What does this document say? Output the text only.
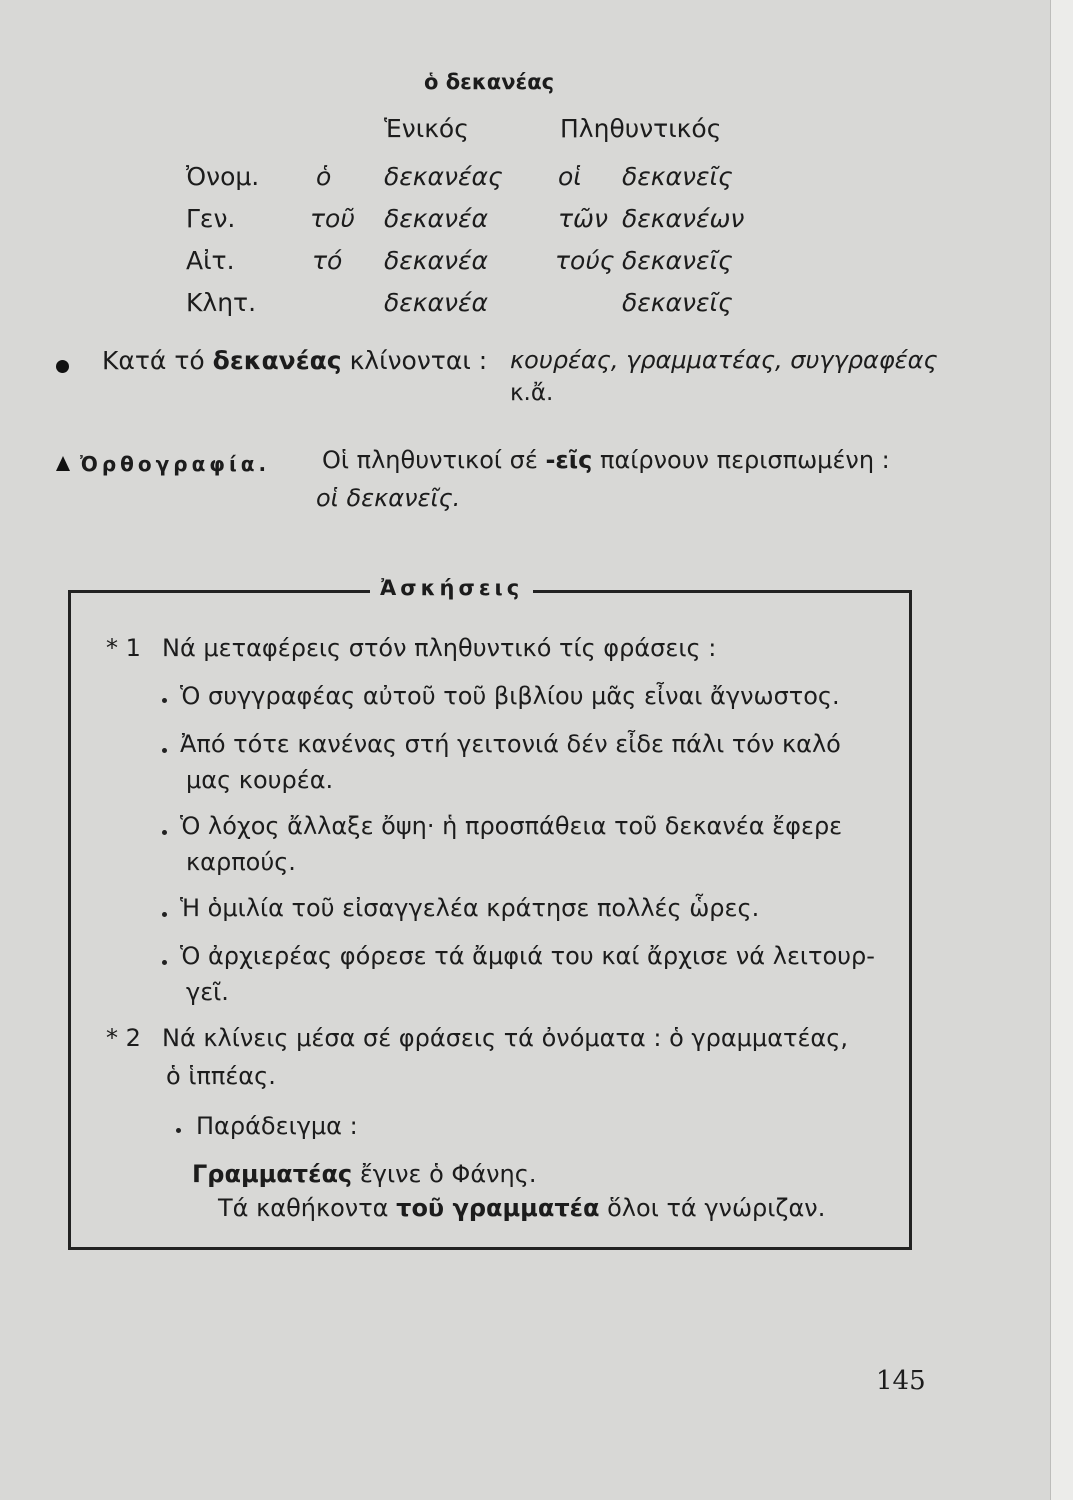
ὁ δεκανέας
Ἑνικός	Πληθυντικός
Ὀνομ. ὁ δεκανέας οἱ δεκανεῖς
Γεν.	τοῦ δεκανέα	τῶν δεκανέων
Αἰτ.	τό δεκανέα	τούς δεκανεῖς
Κλητ.	δεκανέα	δεκανεῖς
Κατά τό δεκανέας κλίνονται : κουρέας, γραμματέας, συγγραφέας
κ.ἄ.
Ὀρθογραφία. Οἱ πληθυντικοί σέ -εῖς παίρνουν περισπωμένη :
οἱ δεκανεῖς.
Ἀσκήσεις
* 1 Νά μεταφέρεις στόν πληθυντικό τίς φράσεις :
Ὁ συγγραφέας αὐτοῦ τοῦ βιβλίου μᾶς εἶναι ἄγνωστος.
Ἀπό τότε κανένας στή γειτονιά δέν εἶδε πάλι τόν καλό
μας κουρέα.
Ὁ λόχος ἄλλαξε ὄψη· ἡ προσπάθεια τοῦ δεκανέα ἔφερε
καρπούς.
Ἡ ὁμιλία τοῦ εἰσαγγελέα κράτησε πολλές ὧρες.
Ὁ ἀρχιερέας φόρεσε τά ἄμφιά του καί ἄρχισε νά λειτουρ-
γεῖ.
* 2 Νά κλίνεις μέσα σέ φράσεις τά ὀνόματα : ὁ γραμματέας,
ὁ ἱππέας.
Παράδειγμα :
Γραμματέας ἔγινε ὁ Φάνης.
Τά καθήκοντα τοῦ γραμματέα ὅλοι τά γνώριζαν.
145
